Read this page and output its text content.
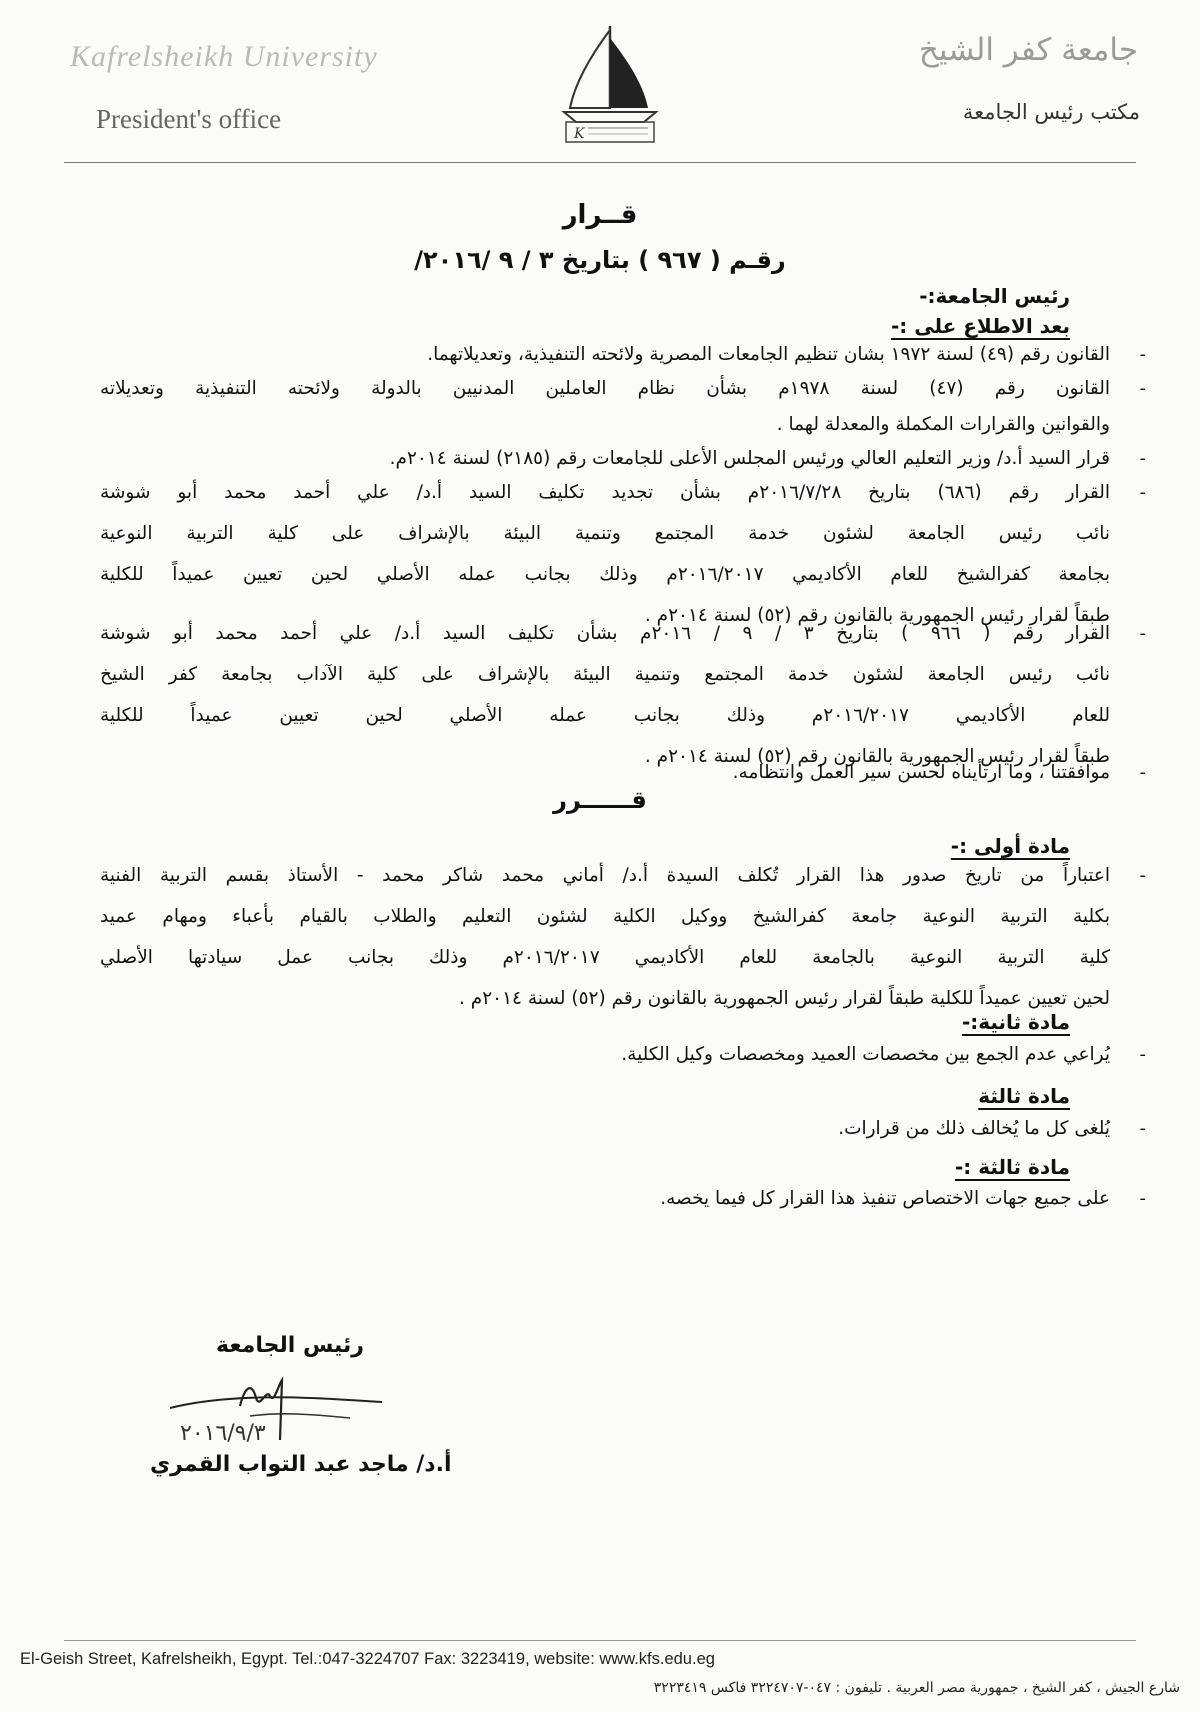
Kafrelsheikh University
President's office
جامعة كفر الشيخ
مكتب رئيس الجامعة
K
قــرار
رقـم ( ٩٦٧ ) بتاريخ ٣ / ٩ /٢٠١٦/
رئيس الجامعة:-
بعد الاطلاع على :-
-
القانون رقم (٤٩) لسنة ١٩٧٢ بشان تنظيم الجامعات المصرية ولائحته التنفيذية، وتعديلاتهما.
-
القانون رقم (٤٧) لسنة ١٩٧٨م بشأن نظام العاملين المدنيين بالدولة ولائحته التنفيذية وتعديلاته
والقوانين والقرارات المكملة والمعدلة لهما .
-
قرار السيد أ.د/ وزير التعليم العالي ورئيس المجلس الأعلى للجامعات رقم (٢١٨٥) لسنة ٢٠١٤م.
-
القرار رقم (٦٨٦) بتاريخ ٢٠١٦/٧/٢٨م بشأن تجديد تكليف السيد أ.د/ علي أحمد محمد أبو شوشة
نائب رئيس الجامعة لشئون خدمة المجتمع وتنمية البيئة بالإشراف على كلية التربية النوعية
بجامعة كفرالشيخ للعام الأكاديمي ٢٠١٦/٢٠١٧م وذلك بجانب عمله الأصلي لحين تعيين عميداً للكلية
طبقاً لقرار رئيس الجمهورية بالقانون رقم (٥٢) لسنة ٢٠١٤م .
-
القرار رقم ( ٩٦٦ ) بتاريخ ٣ / ٩ / ٢٠١٦م بشأن تكليف السيد أ.د/ علي أحمد محمد أبو شوشة
نائب رئيس الجامعة لشئون خدمة المجتمع وتنمية البيئة بالإشراف على كلية الآداب بجامعة كفر الشيخ
للعام الأكاديمي ٢٠١٦/٢٠١٧م وذلك بجانب عمله الأصلي لحين تعيين عميداً للكلية
طبقاً لقرار رئيس الجمهورية بالقانون رقم (٥٢) لسنة ٢٠١٤م .
-
موافقتنا ، وما ارتأيناه لحسن سير العمل وانتظامه.
قــــــرر
مادة أولى :-
-
اعتباراً من تاريخ صدور هذا القرار تُكلف السيدة أ.د/ أماني محمد شاكر محمد - الأستاذ بقسم التربية الفنية
بكلية التربية النوعية جامعة كفرالشيخ ووكيل الكلية لشئون التعليم والطلاب بالقيام بأعباء ومهام عميد
كلية التربية النوعية بالجامعة للعام الأكاديمي ٢٠١٦/٢٠١٧م وذلك بجانب عمل سيادتها الأصلي
لحين تعيين عميداً للكلية طبقاً لقرار رئيس الجمهورية بالقانون رقم (٥٢) لسنة ٢٠١٤م .
مادة ثانية:-
-
يُراعي عدم الجمع بين مخصصات العميد ومخصصات وكيل الكلية.
مادة ثالثة
-
يُلغى كل ما يُخالف ذلك من قرارات.
مادة ثالثة :-
-
على جميع جهات الاختصاص تنفيذ هذا القرار كل فيما يخصه.
رئيس الجامعة
٢٠١٦/٩/٣
أ.د/ ماجد عبد التواب القمري
El-Geish Street, Kafrelsheikh, Egypt. Tel.:047-3224707 Fax: 3223419, website: www.kfs.edu.eg
شارع الجيش ، كفر الشيخ ، جمهورية مصر العربية . تليفون : ٠٤٧-٣٢٢٤٧٠٧ فاكس ٣٢٢٣٤١٩
